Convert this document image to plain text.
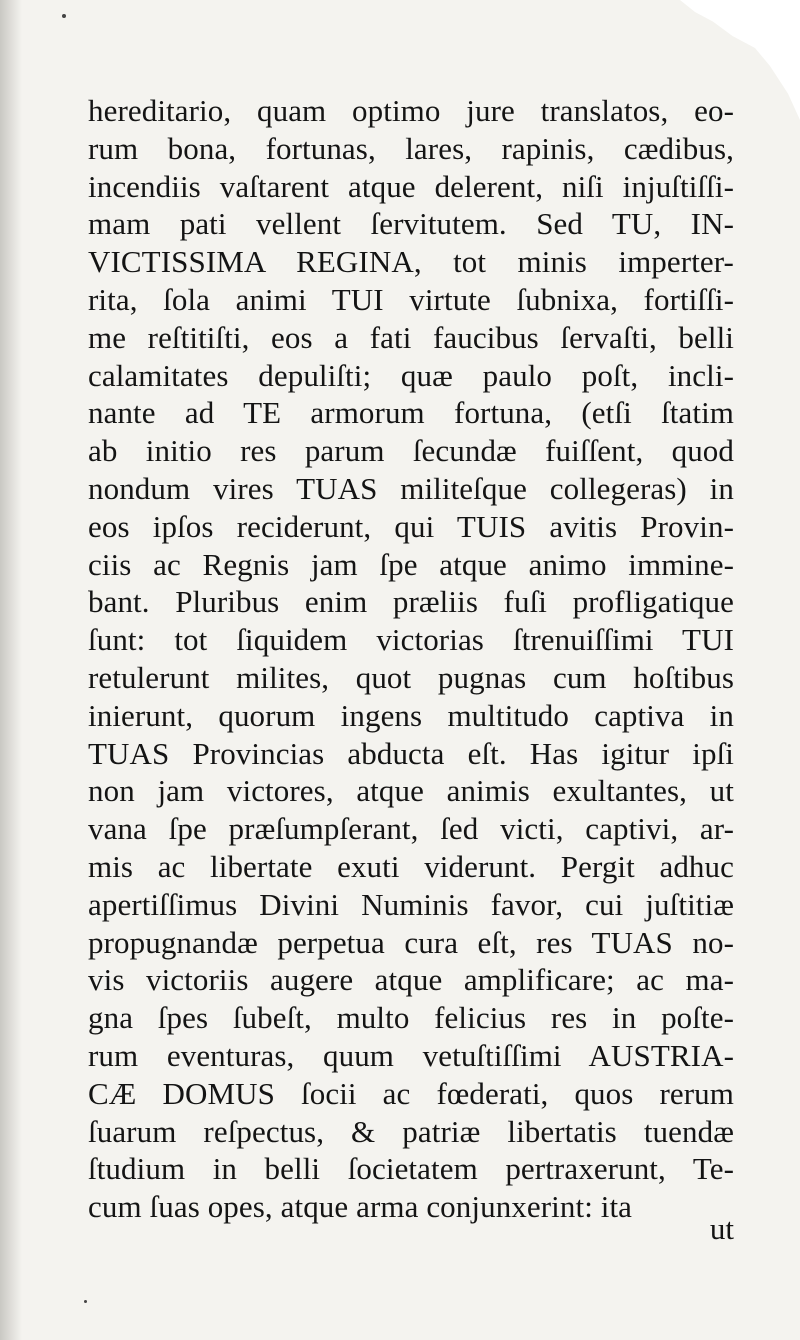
hereditario, quam optimo jure translatos, eo-
rum bona, fortunas, lares, rapinis, cædibus,
incendiis vaſtarent atque delerent, niſi injuſtiſſi-
mam pati vellent ſervitutem. Sed TU, IN-
VICTISSIMA REGINA, tot minis imperter-
rita, ſola animi TUI virtute ſubnixa, fortiſſi-
me reſtitiſti, eos a fati faucibus ſervaſti, belli
calamitates depuliſti; quæ paulo poſt, incli-
nante ad TE armorum fortuna, (etſi ſtatim
ab initio res parum ſecundæ fuiſſent, quod
nondum vires TUAS militeſque collegeras) in
eos ipſos reciderunt, qui TUIS avitis Provin-
ciis ac Regnis jam ſpe atque animo immine-
bant. Pluribus enim præliis fuſi profligatique
ſunt: tot ſiquidem victorias ſtrenuiſſimi TUI
retulerunt milites, quot pugnas cum hoſtibus
inierunt, quorum ingens multitudo captiva in
TUAS Provincias abducta eſt. Has igitur ipſi
non jam victores, atque animis exultantes, ut
vana ſpe præſumpſerant, ſed victi, captivi, ar-
mis ac libertate exuti viderunt. Pergit adhuc
apertiſſimus Divini Numinis favor, cui juſtitiæ
propugnandæ perpetua cura eſt, res TUAS no-
vis victoriis augere atque amplificare; ac ma-
gna ſpes ſubeſt, multo felicius res in poſte-
rum eventuras, quum vetuſtiſſimi AUSTRIA-
CÆ DOMUS ſocii ac fœderati, quos rerum
ſuarum reſpectus, & patriæ libertatis tuendæ
ſtudium in belli ſocietatem pertraxerunt, Te-
cum ſuas opes, atque arma conjunxerint: ita
ut
